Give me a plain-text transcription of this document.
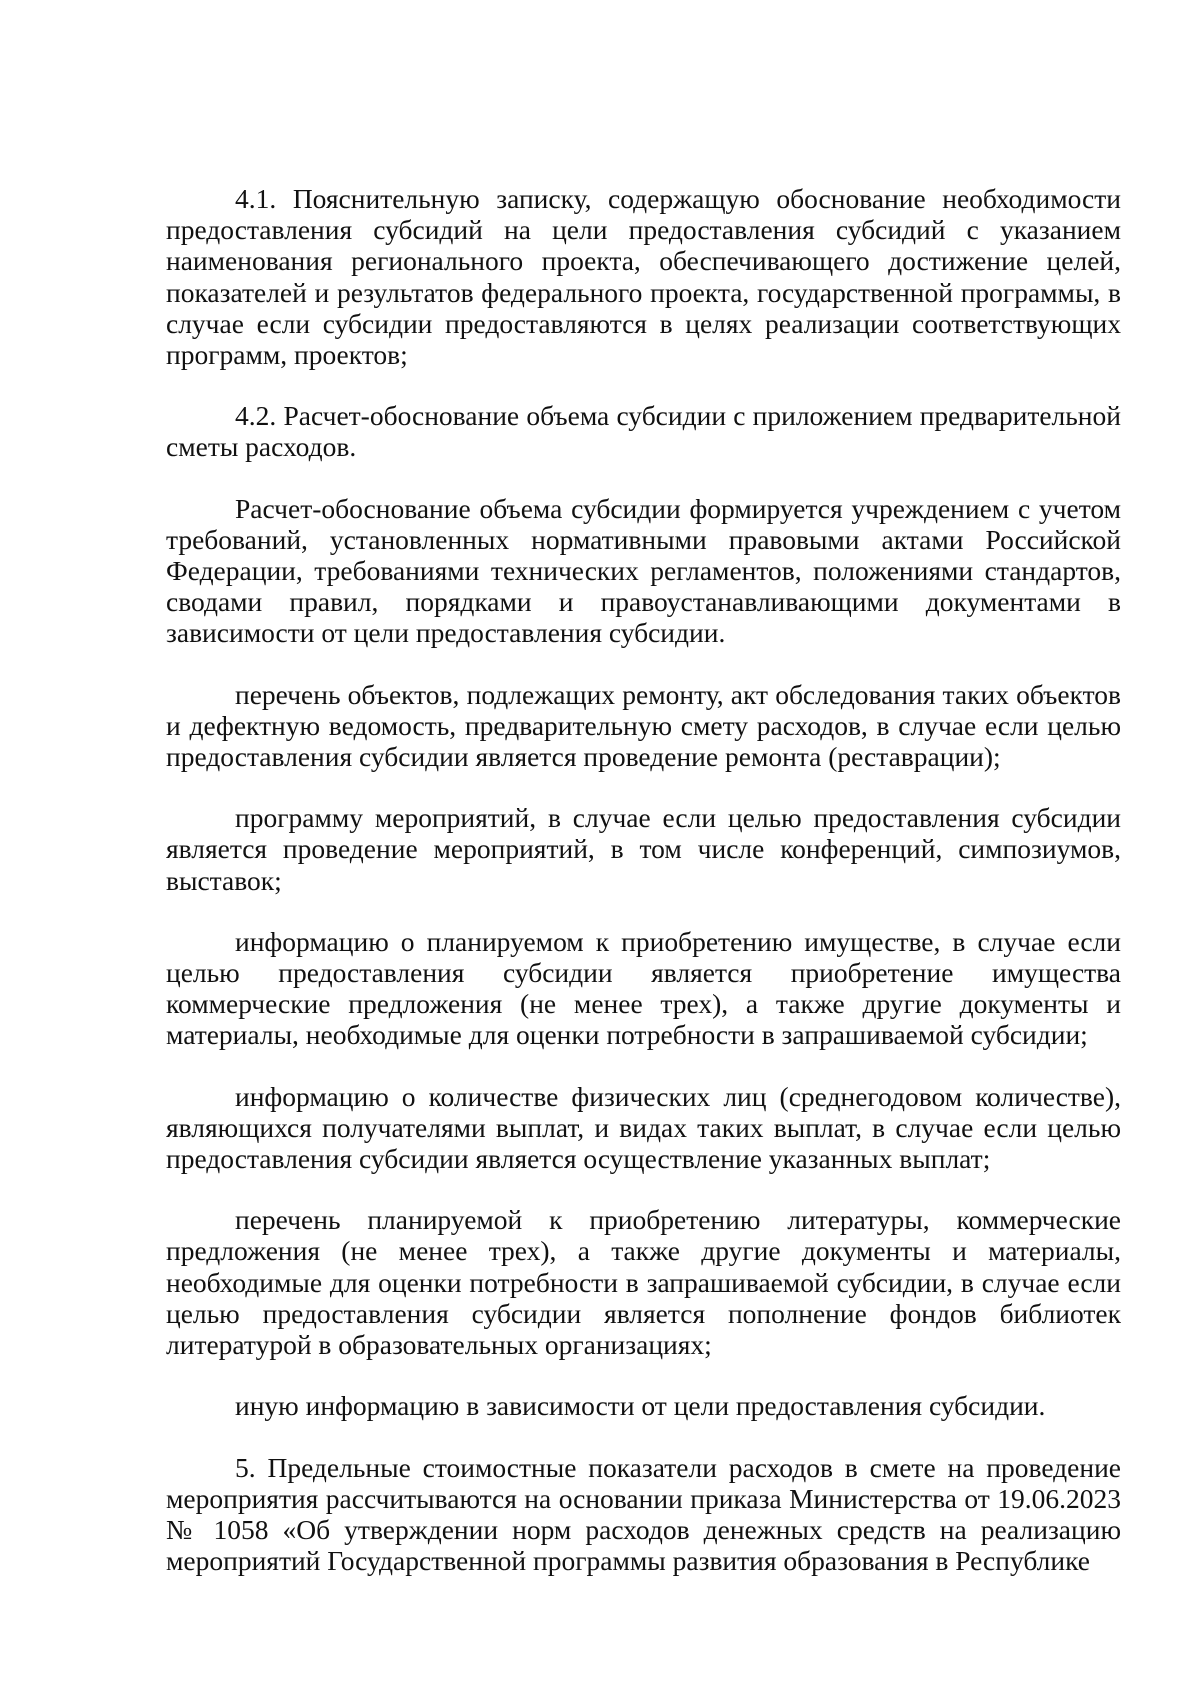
4.1. Пояснительную записку, содержащую обоснование необходимости предоставления субсидий на цели предоставления субсидий с указанием наименования регионального проекта, обеспечивающего достижение целей, показателей и результатов федерального проекта, государственной программы, в случае если субсидии предоставляются в целях реализации соответствующих программ, проектов;

4.2. Расчет-обоснование объема субсидии с приложением предварительной сметы расходов.

Расчет-обоснование объема субсидии формируется учреждением с учетом требований, установленных нормативными правовыми актами Российской Федерации, требованиями технических регламентов, положениями стандартов, сводами правил, порядками и правоустанавливающими документами в зависимости от цели предоставления субсидии.

перечень объектов, подлежащих ремонту, акт обследования таких объектов и дефектную ведомость, предварительную смету расходов, в случае если целью предоставления субсидии является проведение ремонта (реставрации);

программу мероприятий, в случае если целью предоставления субсидии является проведение мероприятий, в том числе конференций, симпозиумов, выставок;

информацию о планируемом к приобретению имуществе, в случае если целью предоставления субсидии является приобретение имущества коммерческие предложения (не менее трех), а также другие документы и материалы, необходимые для оценки потребности в запрашиваемой субсидии;

информацию о количестве физических лиц (среднегодовом количестве), являющихся получателями выплат, и видах таких выплат, в случае если целью предоставления субсидии является осуществление указанных выплат;

перечень планируемой к приобретению литературы, коммерческие предложения (не менее трех), а также другие документы и материалы, необходимые для оценки потребности в запрашиваемой субсидии, в случае если целью предоставления субсидии является пополнение фондов библиотек литературой в образовательных организациях;

иную информацию в зависимости от цели предоставления субсидии.

5. Предельные стоимостные показатели расходов в смете на проведение мероприятия рассчитываются на основании приказа Министерства от 19.06.2023 № 1058 «Об утверждении норм расходов денежных средств на реализацию мероприятий Государственной программы развития образования в Республике
